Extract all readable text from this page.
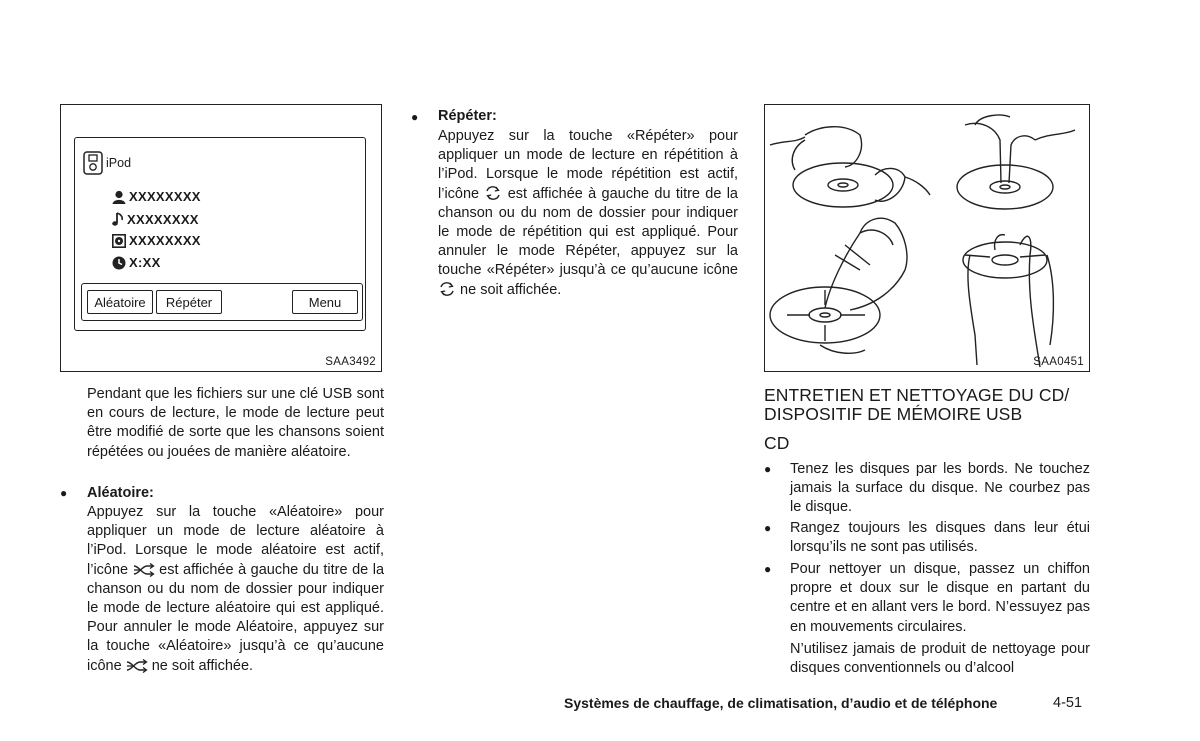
iPod
XXXXXXXX
XXXXXXXX
XXXXXXXX
X:XX
Aléatoire	Répéter	Menu
SAA3492
Pendant que les fichiers sur une clé USB sont en cours de lecture, le mode de lecture peut être modifié de sorte que les chansons soient répétées ou jouées de manière aléatoire.
● Aléatoire:
Appuyez sur la touche «Aléatoire» pour appliquer un mode de lecture aléatoire à l’iPod. Lorsque le mode aléatoire est actif, l’icône est affichée à gauche du titre de la chanson ou du nom de dossier pour indiquer le mode de lecture aléatoire qui est appliqué. Pour annuler le mode Aléatoire, appuyez sur la touche «Aléatoire» jusqu’à ce qu’aucune icône ne soit affichée.
● Répéter:
Appuyez sur la touche «Répéter» pour appliquer un mode de lecture en répétition à l’iPod. Lorsque le mode répétition est actif, l’icône est affichée à gauche du titre de la chanson ou du nom de dossier pour indiquer le mode de répétition qui est appliqué. Pour annuler le mode Répéter, appuyez sur la touche «Répéter» jusqu’à ce qu’aucune icône  ne soit affichée.
SAA0451
ENTRETIEN ET NETTOYAGE DU CD/
DISPOSITIF DE MÉMOIRE USB
CD
● Tenez les disques par les bords. Ne touchez jamais la surface du disque. Ne courbez pas le disque.
● Rangez toujours les disques dans leur étui lorsqu’ils ne sont pas utilisés.
● Pour nettoyer un disque, passez un chiffon propre et doux sur le disque en partant du centre et en allant vers le bord. N’essuyez pas en mouvements circulaires.
N’utilisez jamais de produit de nettoyage pour disques conventionnels ou d’alcool
Systèmes de chauffage, de climatisation, d’audio et de téléphone	4-51
